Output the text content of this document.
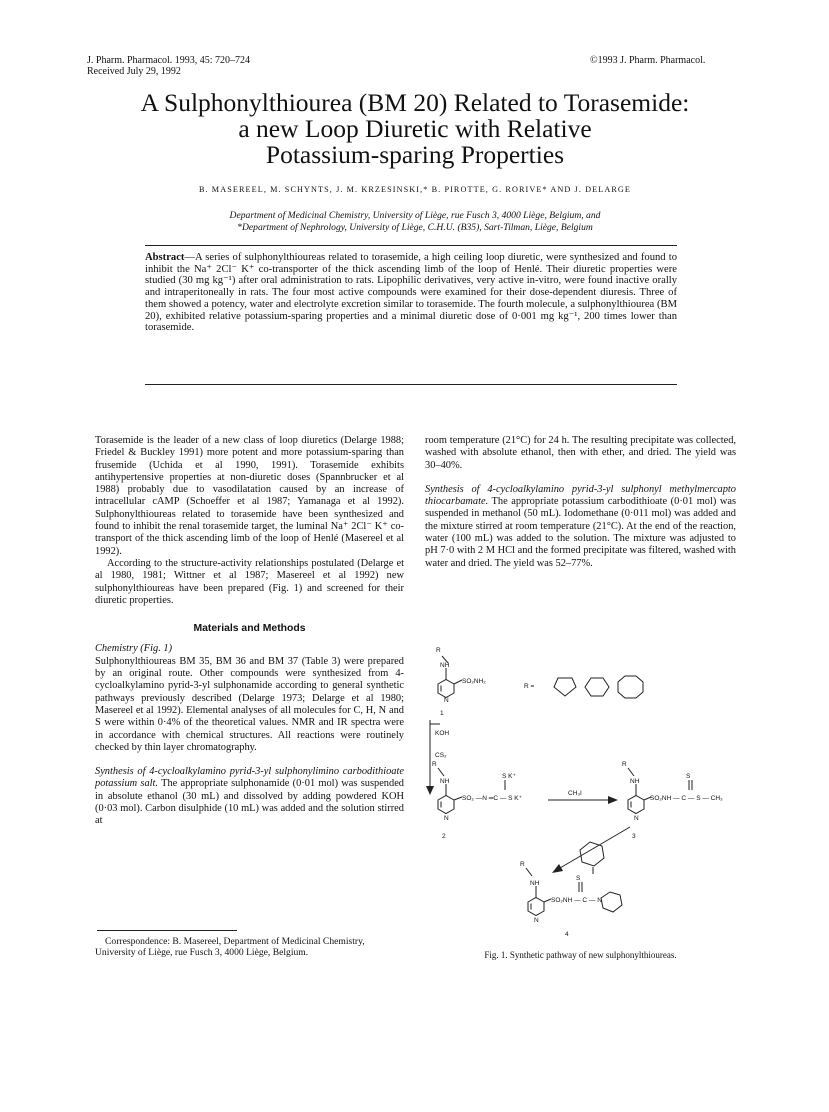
J. Pharm. Pharmacol. 1993, 45: 720–724
Received July 29, 1992
©1993 J. Pharm. Pharmacol.
A Sulphonylthiourea (BM 20) Related to Torasemide:
a new Loop Diuretic with Relative
Potassium-sparing Properties
B. MASEREEL, M. SCHYNTS, J. M. KRZESINSKI,* B. PIROTTE, G. RORIVE* AND J. DELARGE
Department of Medicinal Chemistry, University of Liège, rue Fusch 3, 4000 Liège, Belgium, and
*Department of Nephrology, University of Liège, C.H.U. (B35), Sart-Tilman, Liège, Belgium
Abstract—A series of sulphonylthioureas related to torasemide, a high ceiling loop diuretic, were synthesized and found to inhibit the Na⁺ 2Cl⁻ K⁺ co-transporter of the thick ascending limb of the loop of Henlé. Their diuretic properties were studied (30 mg kg⁻¹) after oral administration to rats. Lipophilic derivatives, very active in-vitro, were found inactive orally and intraperitoneally in rats. The four most active compounds were examined for their dose-dependent diuresis. Three of them showed a potency, water and electrolyte excretion similar to torasemide. The fourth molecule, a sulphonylthiourea (BM 20), exhibited relative potassium-sparing properties and a minimal diuretic dose of 0·001 mg kg⁻¹, 200 times lower than torasemide.

Torasemide is the leader of a new class of loop diuretics (Delarge 1988; Friedel & Buckley 1991) more potent and more potassium-sparing than frusemide (Uchida et al 1990, 1991). Torasemide exhibits antihypertensive properties at non-diuretic doses (Spannbrucker et al 1988) probably due to vasodilatation caused by an increase of intracellular cAMP (Schoeffer et al 1987; Yamanaga et al 1992). Sulphonylthioureas related to torasemide have been synthesized and found to inhibit the renal torasemide target, the luminal Na⁺ 2Cl⁻ K⁺ co-transport of the thick ascending limb of the loop of Henlé (Masereel et al 1992).

According to the structure-activity relationships postulated (Delarge et al 1980, 1981; Wittner et al 1987; Masereel et al 1992) new sulphonylthioureas have been prepared (Fig. 1) and screened for their diuretic properties.

Materials and Methods

Chemistry (Fig. 1)

Sulphonylthioureas BM 35, BM 36 and BM 37 (Table 3) were prepared by an original route. Other compounds were synthesized from 4-cycloalkylamino pyrid-3-yl sulphonamide according to general synthetic pathways previously described (Delarge 1973; Delarge et al 1980; Masereel et al 1992). Elemental analyses of all molecules for C, H, N and S were within 0·4% of the theoretical values. NMR and IR spectra were in accordance with chemical structures. All reactions were routinely checked by thin layer chromatography.

Synthesis of 4-cycloalkylamino pyrid-3-yl sulphonylimino carbodithioate potassium salt. The appropriate sulphonamide (0·01 mol) was suspended in absolute ethanol (30 mL) and dissolved by adding powdered KOH (0·03 mol). Carbon disulphide (10 mL) was added and the solution stirred at

Correspondence: B. Masereel, Department of Medicinal Chemistry, University of Liège, rue Fusch 3, 4000 Liège, Belgium.

room temperature (21°C) for 24 h. The resulting precipitate was collected, washed with absolute ethanol, then with ether, and dried. The yield was 30–40%.

Synthesis of 4-cycloalkylamino pyrid-3-yl sulphonyl methylmercapto thiocarbamate. The appropriate potassium carbodithioate (0·01 mol) was suspended in methanol (50 mL). Iodomethane (0·011 mol) was added and the mixture stirred at room temperature (21°C). At the end of the reaction, water (100 mL) was added to the solution. The mixture was adjusted to pH 7·0 with 2 M HCl and the formed precipitate was filtered, washed with water and dried. The yield was 52–77%.

R
NH
SO₂NH₂
N
R =
1
KOH
CS₂
R
NH
S K⁺
SO₂ —N ═C — S K⁺
N
2
CH₃I
R
NH
S
SO₂NH — C — S — CH₃
N
3
R
NH
S
SO₂NH — C — N
N
4
Fig. 1. Synthetic pathway of new sulphonylthioureas.
